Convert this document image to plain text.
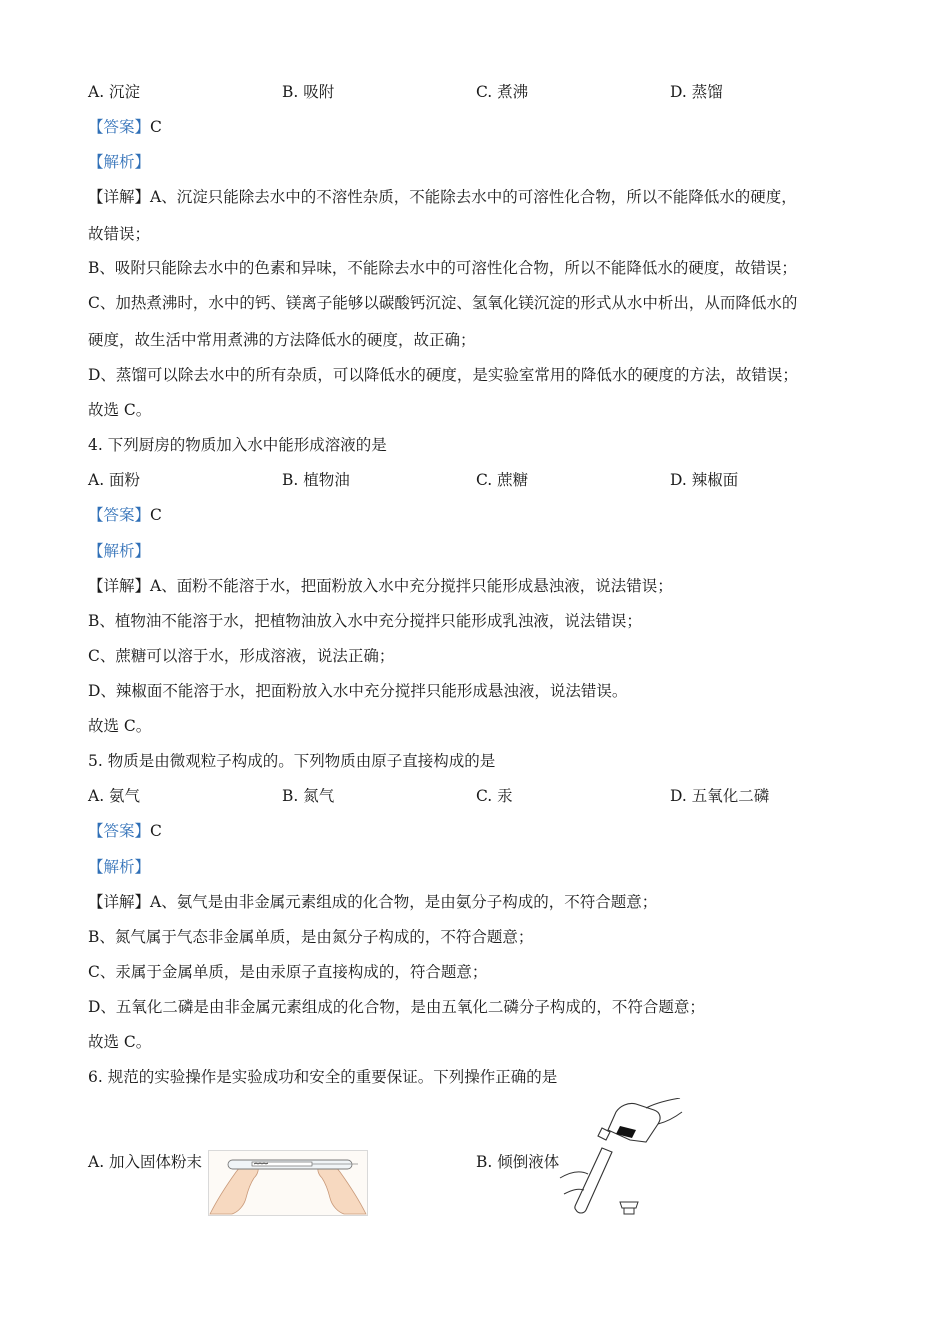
A. 沉淀	B. 吸附	C. 煮沸	D. 蒸馏
【答案】C
【解析】
【详解】A、沉淀只能除去水中的不溶性杂质，不能除去水中的可溶性化合物，所以不能降低水的硬度，
故错误；
B、吸附只能除去水中的色素和异味，不能除去水中的可溶性化合物，所以不能降低水的硬度，故错误；
C、加热煮沸时，水中的钙、镁离子能够以碳酸钙沉淀、氢氧化镁沉淀的形式从水中析出，从而降低水的
硬度，故生活中常用煮沸的方法降低水的硬度，故正确；
D、蒸馏可以除去水中的所有杂质，可以降低水的硬度，是实验室常用的降低水的硬度的方法，故错误；
故选 C。
4. 下列厨房的物质加入水中能形成溶液的是
A. 面粉	B. 植物油	C. 蔗糖	D. 辣椒面
【答案】C
【解析】
【详解】A、面粉不能溶于水，把面粉放入水中充分搅拌只能形成悬浊液，说法错误；
B、植物油不能溶于水，把植物油放入水中充分搅拌只能形成乳浊液，说法错误；
C、蔗糖可以溶于水，形成溶液，说法正确；
D、辣椒面不能溶于水，把面粉放入水中充分搅拌只能形成悬浊液，说法错误。
故选 C。
5. 物质是由微观粒子构成的。下列物质由原子直接构成的是
A. 氨气	B. 氮气	C. 汞	D. 五氧化二磷
【答案】C
【解析】
【详解】A、氨气是由非金属元素组成的化合物，是由氨分子构成的，不符合题意；
B、氮气属于气态非金属单质，是由氮分子构成的，不符合题意；
C、汞属于金属单质，是由汞原子直接构成的，符合题意；
D、五氧化二磷是由非金属元素组成的化合物，是由五氧化二磷分子构成的，不符合题意；
故选 C。
6. 规范的实验操作是实验成功和安全的重要保证。下列操作正确的是
A. 加入固体粉末	B. 倾倒液体
